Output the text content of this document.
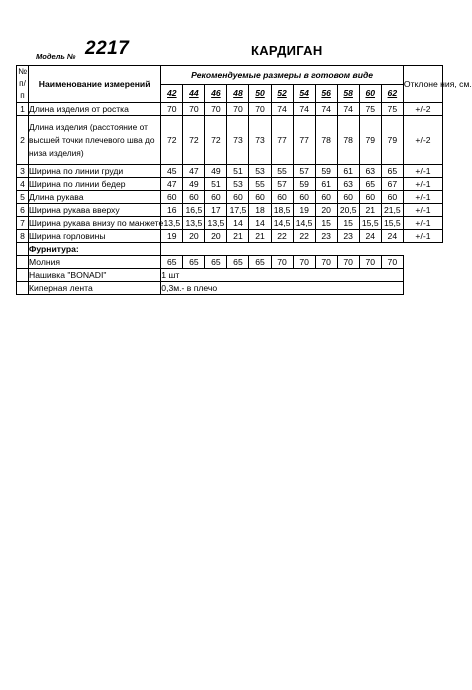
Модель № 2217	КАРДИГАН
№ п/п	Наименование измерений	Рекомендуемые размеры в готовом виде											Отклоне ния, см.
		42	44	46	48	50	52	54	56	58	60	62	
1	Длина изделия от ростка	70	70	70	70	70	74	74	74	74	75	75	+/-2
2	Длина изделия (расстояние от высшей точки плечевого шва до низа изделия)	72	72	72	73	73	77	77	78	78	79	79	+/-2
3	Ширина по линии груди	45	47	49	51	53	55	57	59	61	63	65	+/-1
4	Ширина по линии бедер	47	49	51	53	55	57	59	61	63	65	67	+/-1
5	Длина рукава	60	60	60	60	60	60	60	60	60	60	60	+/-1
6	Ширина рукава вверху	16	16,5	17	17,5	18	18,5	19	20	20,5	21	21,5	+/-1
7	Ширина рукава внизу по манжете	13,5	13,5	13,5	14	14	14,5	14,5	15	15	15,5	15,5	+/-1
8	Ширина горловины	19	20	20	21	21	22	22	23	23	24	24	+/-1
	Фурнитура:												
	Молния	65	65	65	65	65	70	70	70	70	70	70	
	Нашивка "BONADI"	1 шт											
	Киперная лента	0,3м.- в плечо											
